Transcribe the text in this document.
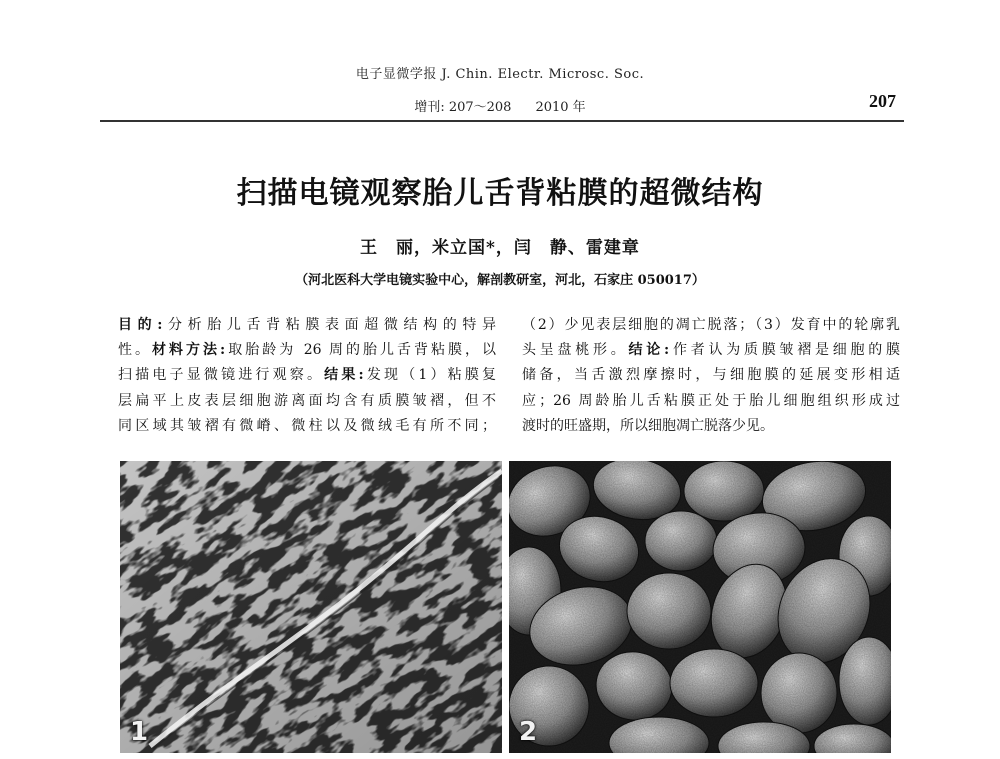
电子显微学报 J. Chin. Electr. Microsc. Soc.
增刊: 207～208 2010 年	207
扫描电镜观察胎儿舌背粘膜的超微结构
王　丽，米立国*，闫　静、雷建章
（河北医科大学电镜实验中心，解剖教研室，河北，石家庄 050017）
目的:分析胎儿舌背粘膜表面超微结构的特异
性。材料方法:取胎龄为 26 周的胎儿舌背粘膜，以
扫描电子显微镜进行观察。结果:发现（1）粘膜复
层扁平上皮表层细胞游离面均含有质膜皱褶，但不
同区域其皱褶有微嵴、微柱以及微绒毛有所不同；
（2）少见表层细胞的凋亡脱落；（3）发育中的轮廓乳
头呈盘桃形。结论:作者认为质膜皱褶是细胞的膜
储备，当舌激烈摩擦时，与细胞膜的延展变形相适
应；26 周龄胎儿舌粘膜正处于胎儿细胞组织形成过
渡时的旺盛期，所以细胞凋亡脱落少见。
1	2
